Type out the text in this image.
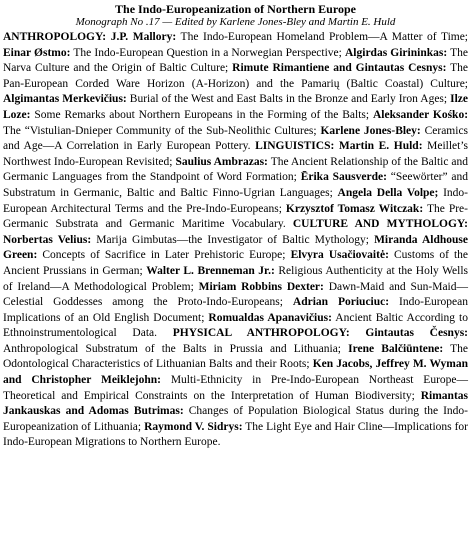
The Indo-Europeanization of Northern Europe
Monograph No .17 — Edited by Karlene Jones-Bley and Martin E. Huld

ANTHROPOLOGY: J.P. Mallory: The Indo-European Homeland Problem—A Matter of Time; Einar Østmo: The Indo-European Question in a Norwegian Perspective; Algirdas Girininkas: The Narva Culture and the Origin of Baltic Culture; Rimute Rimantiene and Gintautas Cesnys: The Pan-European Corded Ware Horizon (A-Horizon) and the Pamarių (Baltic Coastal) Culture; Algimantas Merkevičius: Burial of the West and East Balts in the Bronze and Early Iron Ages; Ilze Loze: Some Remarks about Northern Europeans in the Forming of the Balts; Aleksander Kośko: The “Vistulian-Dnieper Community of the Sub-Neolithic Cultures; Karlene Jones-Bley: Ceramics and Age—A Correlation in Early European Pottery. LINGUISTICS: Martin E. Huld: Meillet’s Northwest Indo-European Revisited; Saulius Ambrazas: The Ancient Relationship of the Baltic and Germanic Languages from the Standpoint of Word Formation; Ērika Sausverde: “Seewörter” and Substratum in Germanic, Baltic and Baltic Finno-Ugrian Languages; Angela Della Volpe; Indo-European Architectural Terms and the Pre-Indo-Europeans; Krzysztof Tomasz Witczak: The Pre-Germanic Substrata and Germanic Maritime Vocabulary. CULTURE AND MYTHOLOGY: Norbertas Velius: Marija Gimbutas—the Investigator of Baltic Mythology; Miranda Aldhouse Green: Concepts of Sacrifice in Later Prehistoric Europe; Elvyra Usačiovaitė: Customs of the Ancient Prussians in German; Walter L. Brenneman Jr.: Religious Authenticity at the Holy Wells of Ireland—A Methodological Problem; Miriam Robbins Dexter: Dawn-Maid and Sun-Maid—Celestial Goddesses among the Proto-Indo-Europeans; Adrian Poriuciuc: Indo-European Implications of an Old English Document; Romualdas Apanavičius: Ancient Baltic According to Ethnoinstrumentological Data. PHYSICAL ANTHROPOLOGY: Gintautas Česnys: Anthropological Substratum of the Balts in Prussia and Lithuania; Irene Balčiūntene: The Odontological Characteristics of Lithuanian Balts and their Roots; Ken Jacobs, Jeffrey M. Wyman and Christopher Meiklejohn: Multi-Ethnicity in Pre-Indo-European Northeast Europe—Theoretical and Empirical Constraints on the Interpretation of Human Biodiversity; Rimantas Jankauskas and Adomas Butrimas: Changes of Population Biological Status during the Indo-Europeanization of Lithuania; Raymond V. Sidrys: The Light Eye and Hair Cline—Implications for Indo-European Migrations to Northern Europe.
